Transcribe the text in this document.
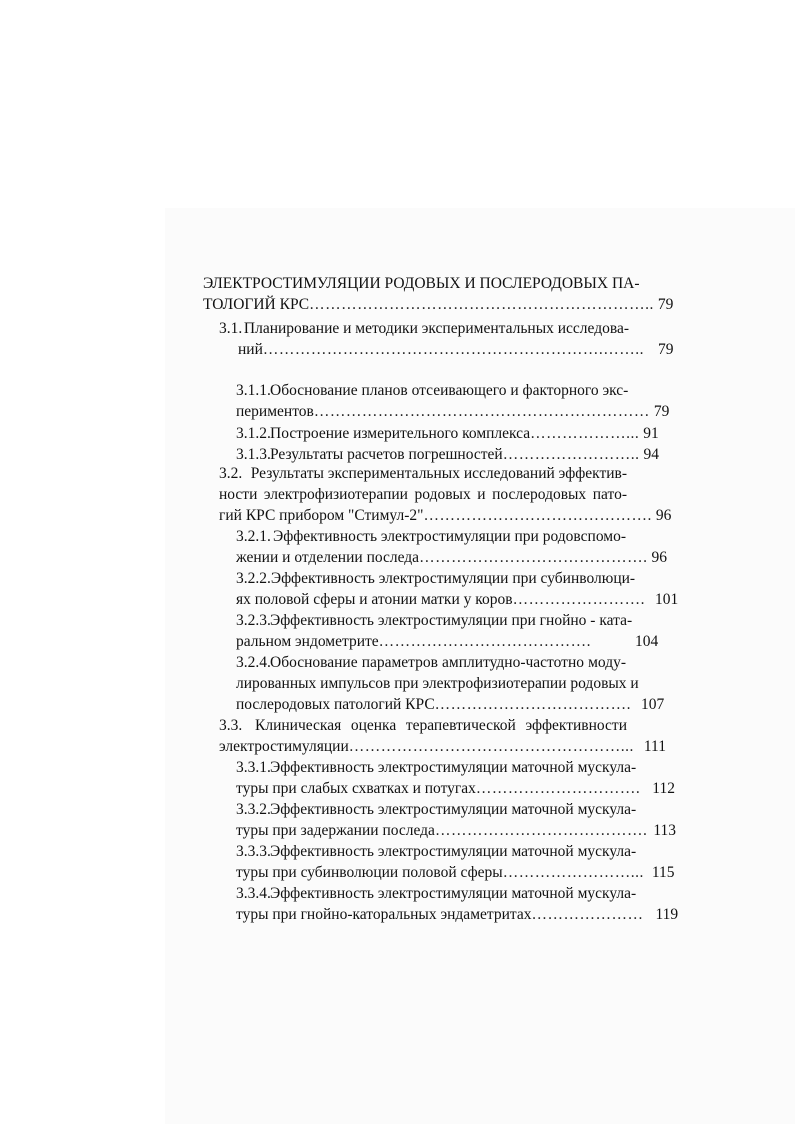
ЭЛЕКТРОСТИМУЛЯЦИИ РОДОВЫХ И ПОСЛЕРОДОВЫХ ПА-
ТОЛОГИЙ КРС ……………………………………………………….. 79
3.1. Планирование и методики экспериментальных исследова-
ний ……………………………………………………….…….. 79
3.1.1. Обоснование планов отсеивающего и факторного экс-
периментов ……………………………………………………… 79
3.1.2. Построение измерительного комплекса ………………... 91
3.1.3. Результаты расчетов погрешностей …………………….. 94
3.2. Результаты экспериментальных исследований эффектив-
ности электрофизиотерапии родовых и послеродовых пато-
гий КРС прибором "Стимул-2" ……………………………………. 96
3.2.1. Эффективность электростимуляции при родовспомо-
жении и отделении последа ……………………………………. 96
3.2.2. Эффективность электростимуляции при субинволюци-
ях половой сферы и атонии матки у коров ……………………. 101
3.2.3. Эффективность электростимуляции при гнойно - ката-
ральном эндометрите ………………………………….	104
3.2.4. Обоснование параметров амплитудно-частотно моду-
лированных импульсов при электрофизиотерапии родовых и
послеродовых патологий КРС ………………………………. 107
3.3. Клиническая оценка терапевтической эффективности
электростимуляции ……………………………………………... 111
3.3.1. Эффективность электростимуляции маточной мускула-
туры при слабых схватках и потугах …………………………. 112
3.3.2. Эффективность электростимуляции маточной мускула-
туры при задержании последа …………………………………. 113
3.3.3. Эффективность электростимуляции маточной мускула-
туры при субинволюции половой сферы ……………………... 115
3.3.4. Эффективность электростимуляции маточной мускула-
туры при гнойно-каторальных эндаметритах ………………… 119
